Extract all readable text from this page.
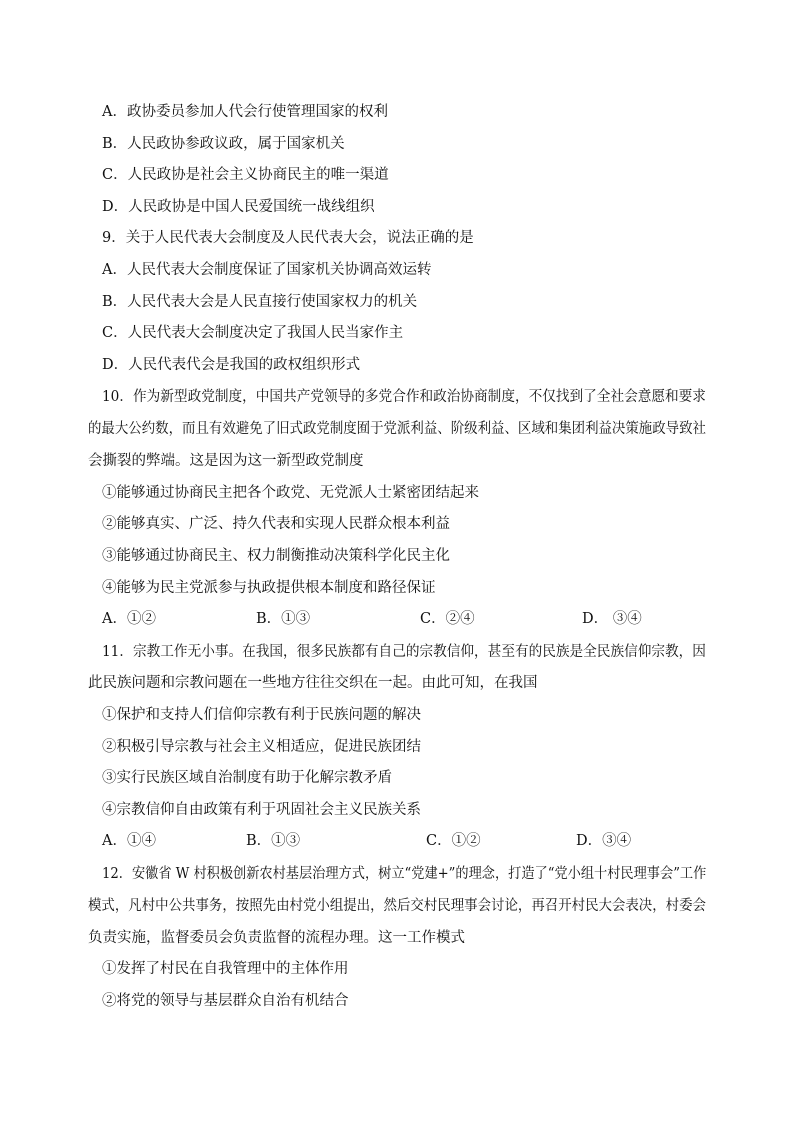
A．政协委员参加人代会行使管理国家的权利
B．人民政协参政议政，属于国家机关
C．人民政协是社会主义协商民主的唯一渠道
D．人民政协是中国人民爱国统一战线组织
9．关于人民代表大会制度及人民代表大会，说法正确的是
A．人民代表大会制度保证了国家机关协调高效运转
B．人民代表大会是人民直接行使国家权力的机关
C．人民代表大会制度决定了我国人民当家作主
D．人民代表代会是我国的政权组织形式
10．作为新型政党制度，中国共产党领导的多党合作和政治协商制度，不仅找到了全社会意愿和要求
的最大公约数，而且有效避免了旧式政党制度囿于党派利益、阶级利益、区域和集团利益决策施政导致社
会撕裂的弊端。这是因为这一新型政党制度
①能够通过协商民主把各个政党、无党派人士紧密团结起来
②能够真实、广泛、持久代表和实现人民群众根本利益
③能够通过协商民主、权力制衡推动决策科学化民主化
④能够为民主党派参与执政提供根本制度和路径保证
A．①②	B．①③	C．②④	D． ③④
11．宗教工作无小事。在我国，很多民族都有自己的宗教信仰，甚至有的民族是全民族信仰宗教，因
此民族问题和宗教问题在一些地方往往交织在一起。由此可知，在我国
①保护和支持人们信仰宗教有利于民族问题的解决
②积极引导宗教与社会主义相适应，促进民族团结
③实行民族区域自治制度有助于化解宗教矛盾
④宗教信仰自由政策有利于巩固社会主义民族关系
A．①④	B．①③	C．①②	D．③④
12．安徽省 W 村积极创新农村基层治理方式，树立“党建+”的理念，打造了“党小组十村民理事会”工作
模式，凡村中公共事务，按照先由村党小组提出，然后交村民理事会讨论，再召开村民大会表决，村委会
负责实施，监督委员会负责监督的流程办理。这一工作模式
①发挥了村民在自我管理中的主体作用
②将党的领导与基层群众自治有机结合
